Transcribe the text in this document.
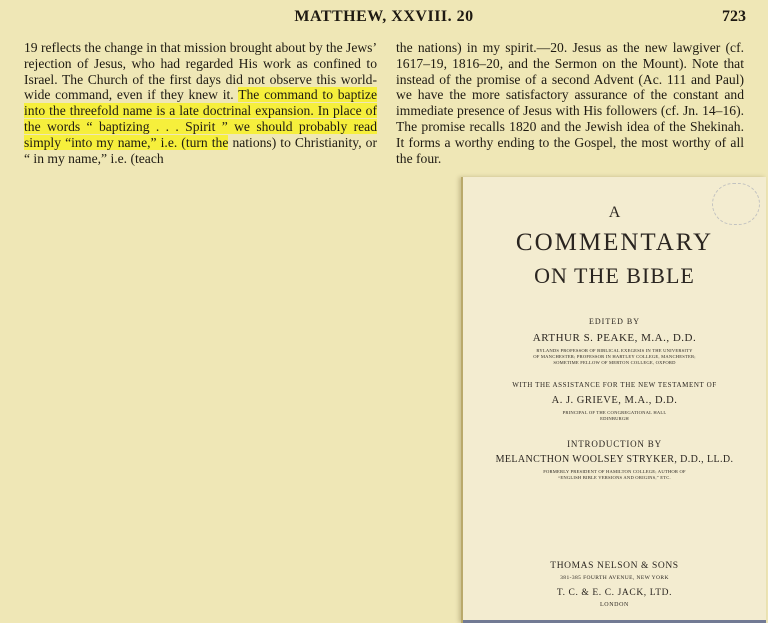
MATTHEW, XXVIII. 20	723

19 reflects the change in that mission brought about by the Jews’ rejection of Jesus, who had regarded His work as confined to Israel. The Church of the first days did not observe this world-wide command, even if they knew it. The command to baptize into the threefold name is a late doctrinal expansion. In place of the words “ baptizing . . . Spirit ” we should probably read simply “into my name,” i.e. (turn the nations) to Christianity, or “ in my name,” i.e. (teach

the nations) in my spirit.—20. Jesus as the new lawgiver (cf. 1617–19, 1816–20, and the Sermon on the Mount). Note that instead of the promise of a second Advent (Ac. 111 and Paul) we have the more satisfactory assurance of the constant and immediate presence of Jesus with His followers (cf. Jn. 14–16). The promise recalls 1820 and the Jewish idea of the Shekinah. It forms a worthy ending to the Gospel, the most worthy of all the four.

A
COMMENTARY
ON THE BIBLE
EDITED BY
ARTHUR S. PEAKE, M.A., D.D.
RYLANDS PROFESSOR OF BIBLICAL EXEGESIS IN THE UNIVERSITY
OF MANCHESTER; PROFESSOR IN HARTLEY COLLEGE, MANCHESTER;
SOMETIME FELLOW OF MERTON COLLEGE, OXFORD
WITH THE ASSISTANCE FOR THE NEW TESTAMENT OF
A. J. GRIEVE, M.A., D.D.
PRINCIPAL OF THE CONGREGATIONAL HALL
EDINBURGH
INTRODUCTION BY
MELANCTHON WOOLSEY STRYKER, D.D., LL.D.
FORMERLY PRESIDENT OF HAMILTON COLLEGE; AUTHOR OF
“ENGLISH BIBLE VERSIONS AND ORIGINS,” ETC.
THOMAS NELSON & SONS
381-385 FOURTH AVENUE, NEW YORK
T. C. & E. C. JACK, LTD.
LONDON
